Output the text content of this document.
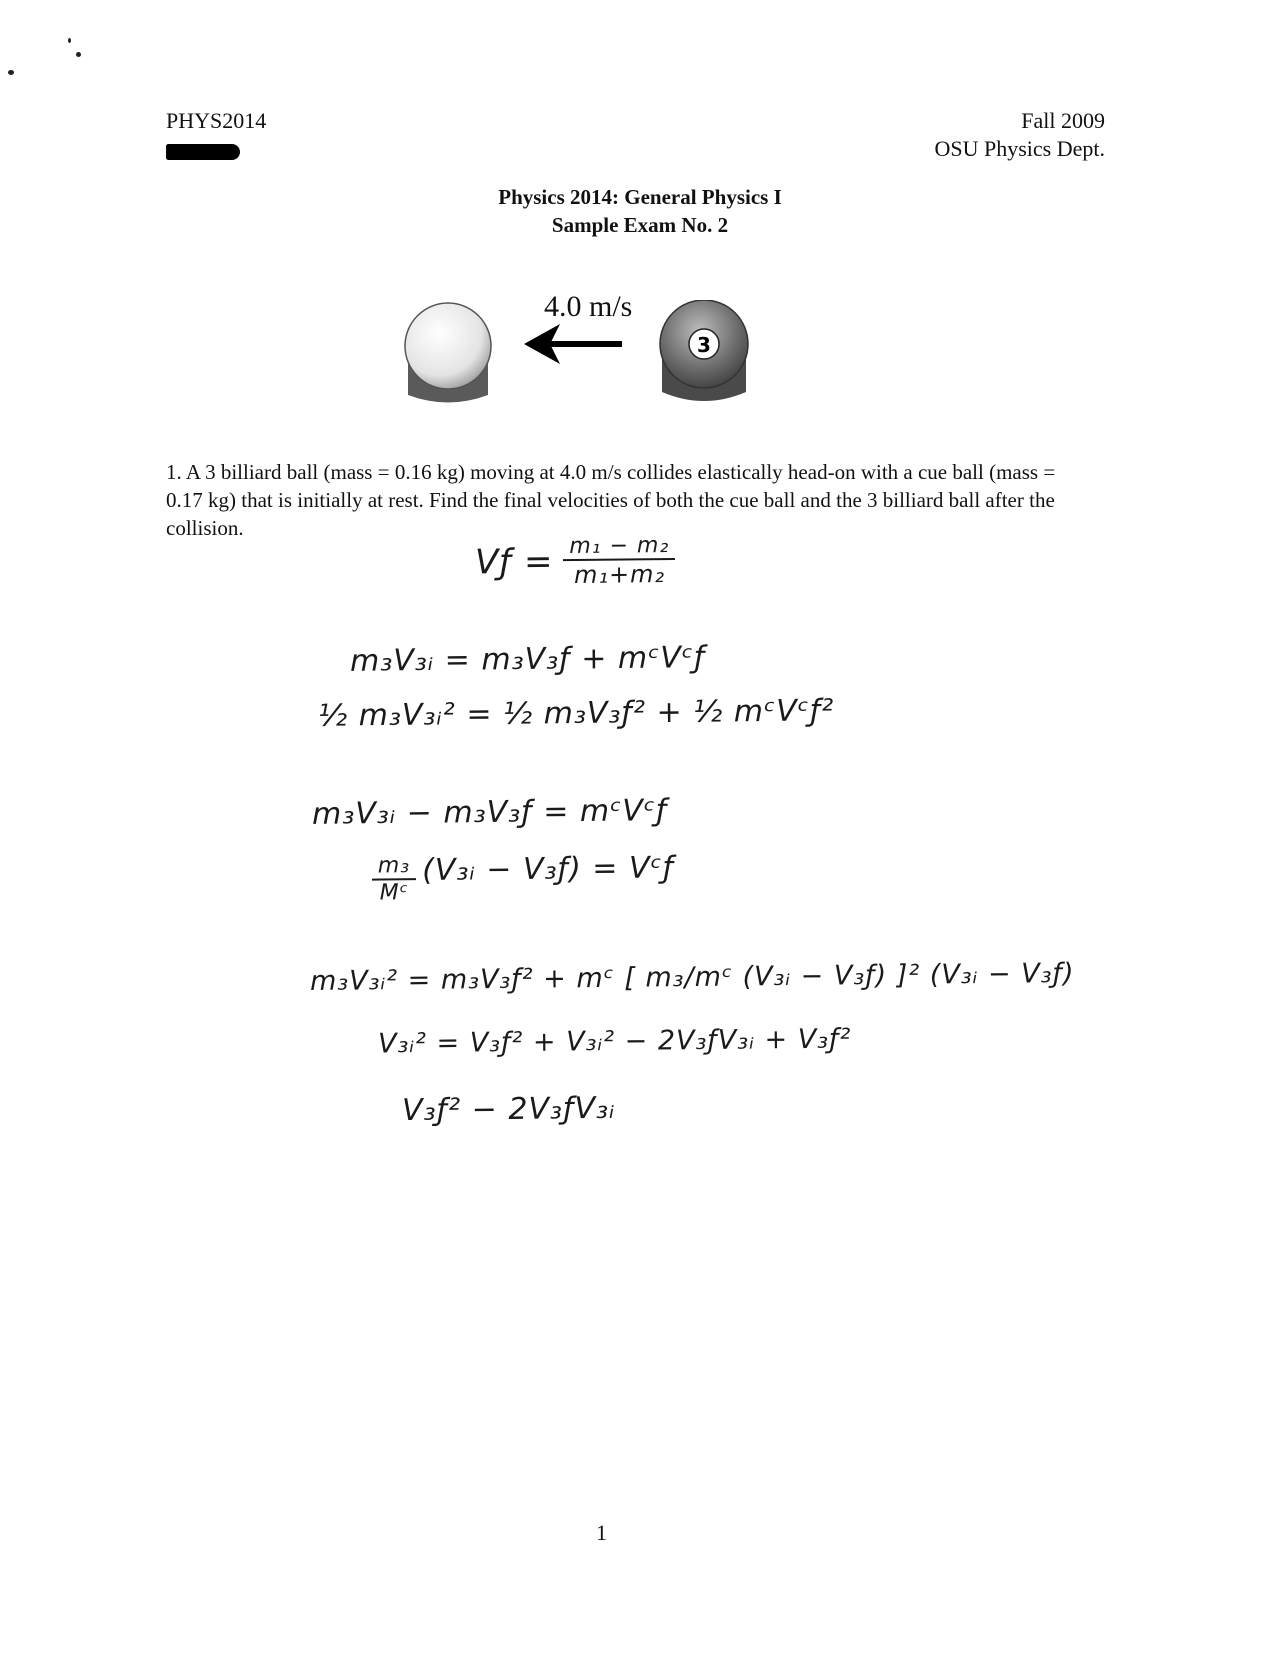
PHYS2014	Fall 2009
OSU Physics Dept.
Physics 2014: General Physics I
Sample Exam No. 2
4.0 m/s
3
1. A 3 billiard ball (mass = 0.16 kg) moving at 4.0 m/s collides elastically head-on with a cue ball (mass = 0.17 kg) that is initially at rest. Find the final velocities of both the cue ball and the 3 billiard ball after the collision.
Vƒ = $\frac{\text{m₁ − m₂}}{\text{m₁+m₂}}$
m₃V₃ᵢ = m₃V₃ƒ + mᶜVᶜƒ
½ m₃V₃ᵢ² = ½ m₃V₃ƒ² + ½ mᶜVᶜƒ²
m₃V₃ᵢ − m₃V₃ƒ = mᶜVᶜƒ
$\frac{\text{m₃}}{\text{Mᶜ}}$ (V₃ᵢ − V₃ƒ) = Vᶜƒ
m₃V₃ᵢ² = m₃V₃ƒ² + mᶜ [ m₃/mᶜ (V₃ᵢ − V₃ƒ) ]² (V₃ᵢ − V₃ƒ)
V₃ᵢ² = V₃ƒ² + V₃ᵢ² − 2V₃ƒV₃ᵢ + V₃ƒ²
V₃ƒ² − 2V₃ƒV₃ᵢ
1
